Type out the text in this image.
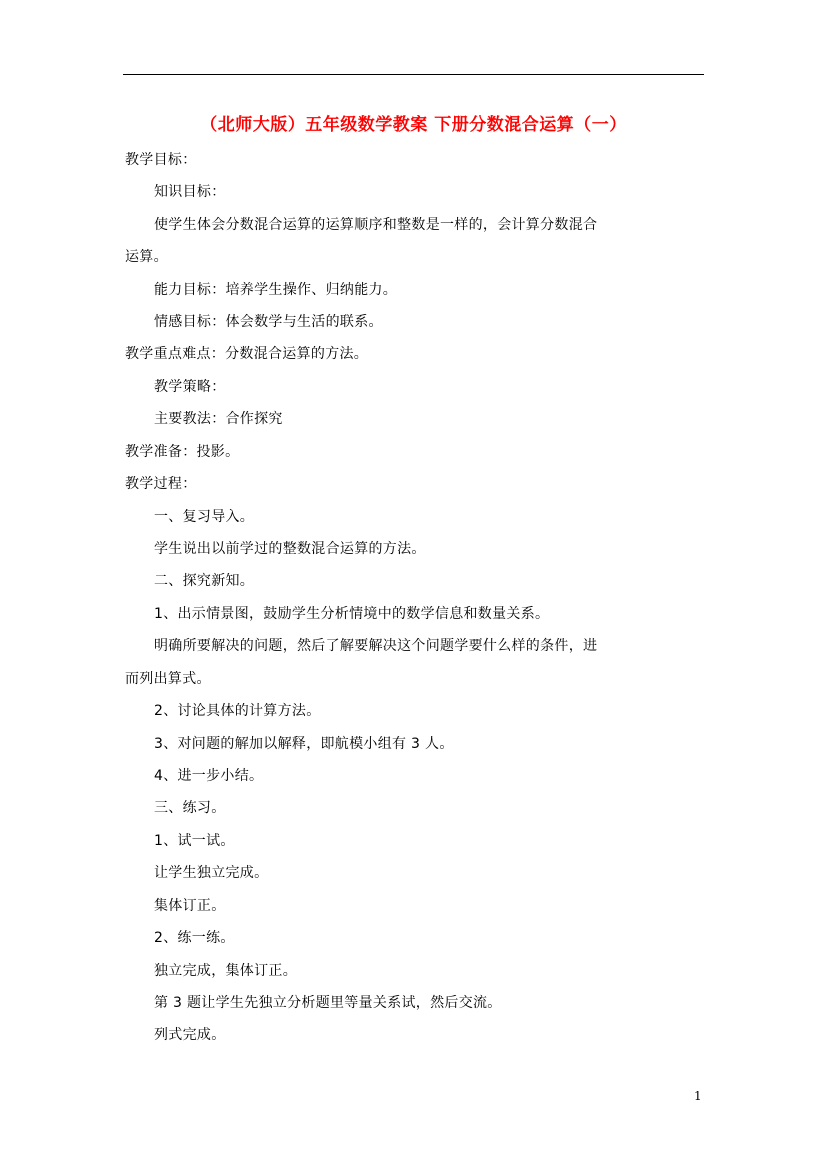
（北师大版）五年级数学教案 下册分数混合运算（一）
教学目标：
知识目标：
使学生体会分数混合运算的运算顺序和整数是一样的，会计算分数混合
运算。
能力目标：培养学生操作、归纳能力。
情感目标：体会数学与生活的联系。
教学重点难点：分数混合运算的方法。
教学策略：
主要教法：合作探究
教学准备：投影。
教学过程：
一、复习导入。
学生说出以前学过的整数混合运算的方法。
二、探究新知。
1、出示情景图，鼓励学生分析情境中的数学信息和数量关系。
明确所要解决的问题，然后了解要解决这个问题学要什么样的条件，进
而列出算式。
2、讨论具体的计算方法。
3、对问题的解加以解释，即航模小组有 3 人。
4、进一步小结。
三、练习。
1、试一试。
让学生独立完成。
集体订正。
2、练一练。
独立完成，集体订正。
第 3 题让学生先独立分析题里等量关系试，然后交流。
列式完成。
1
